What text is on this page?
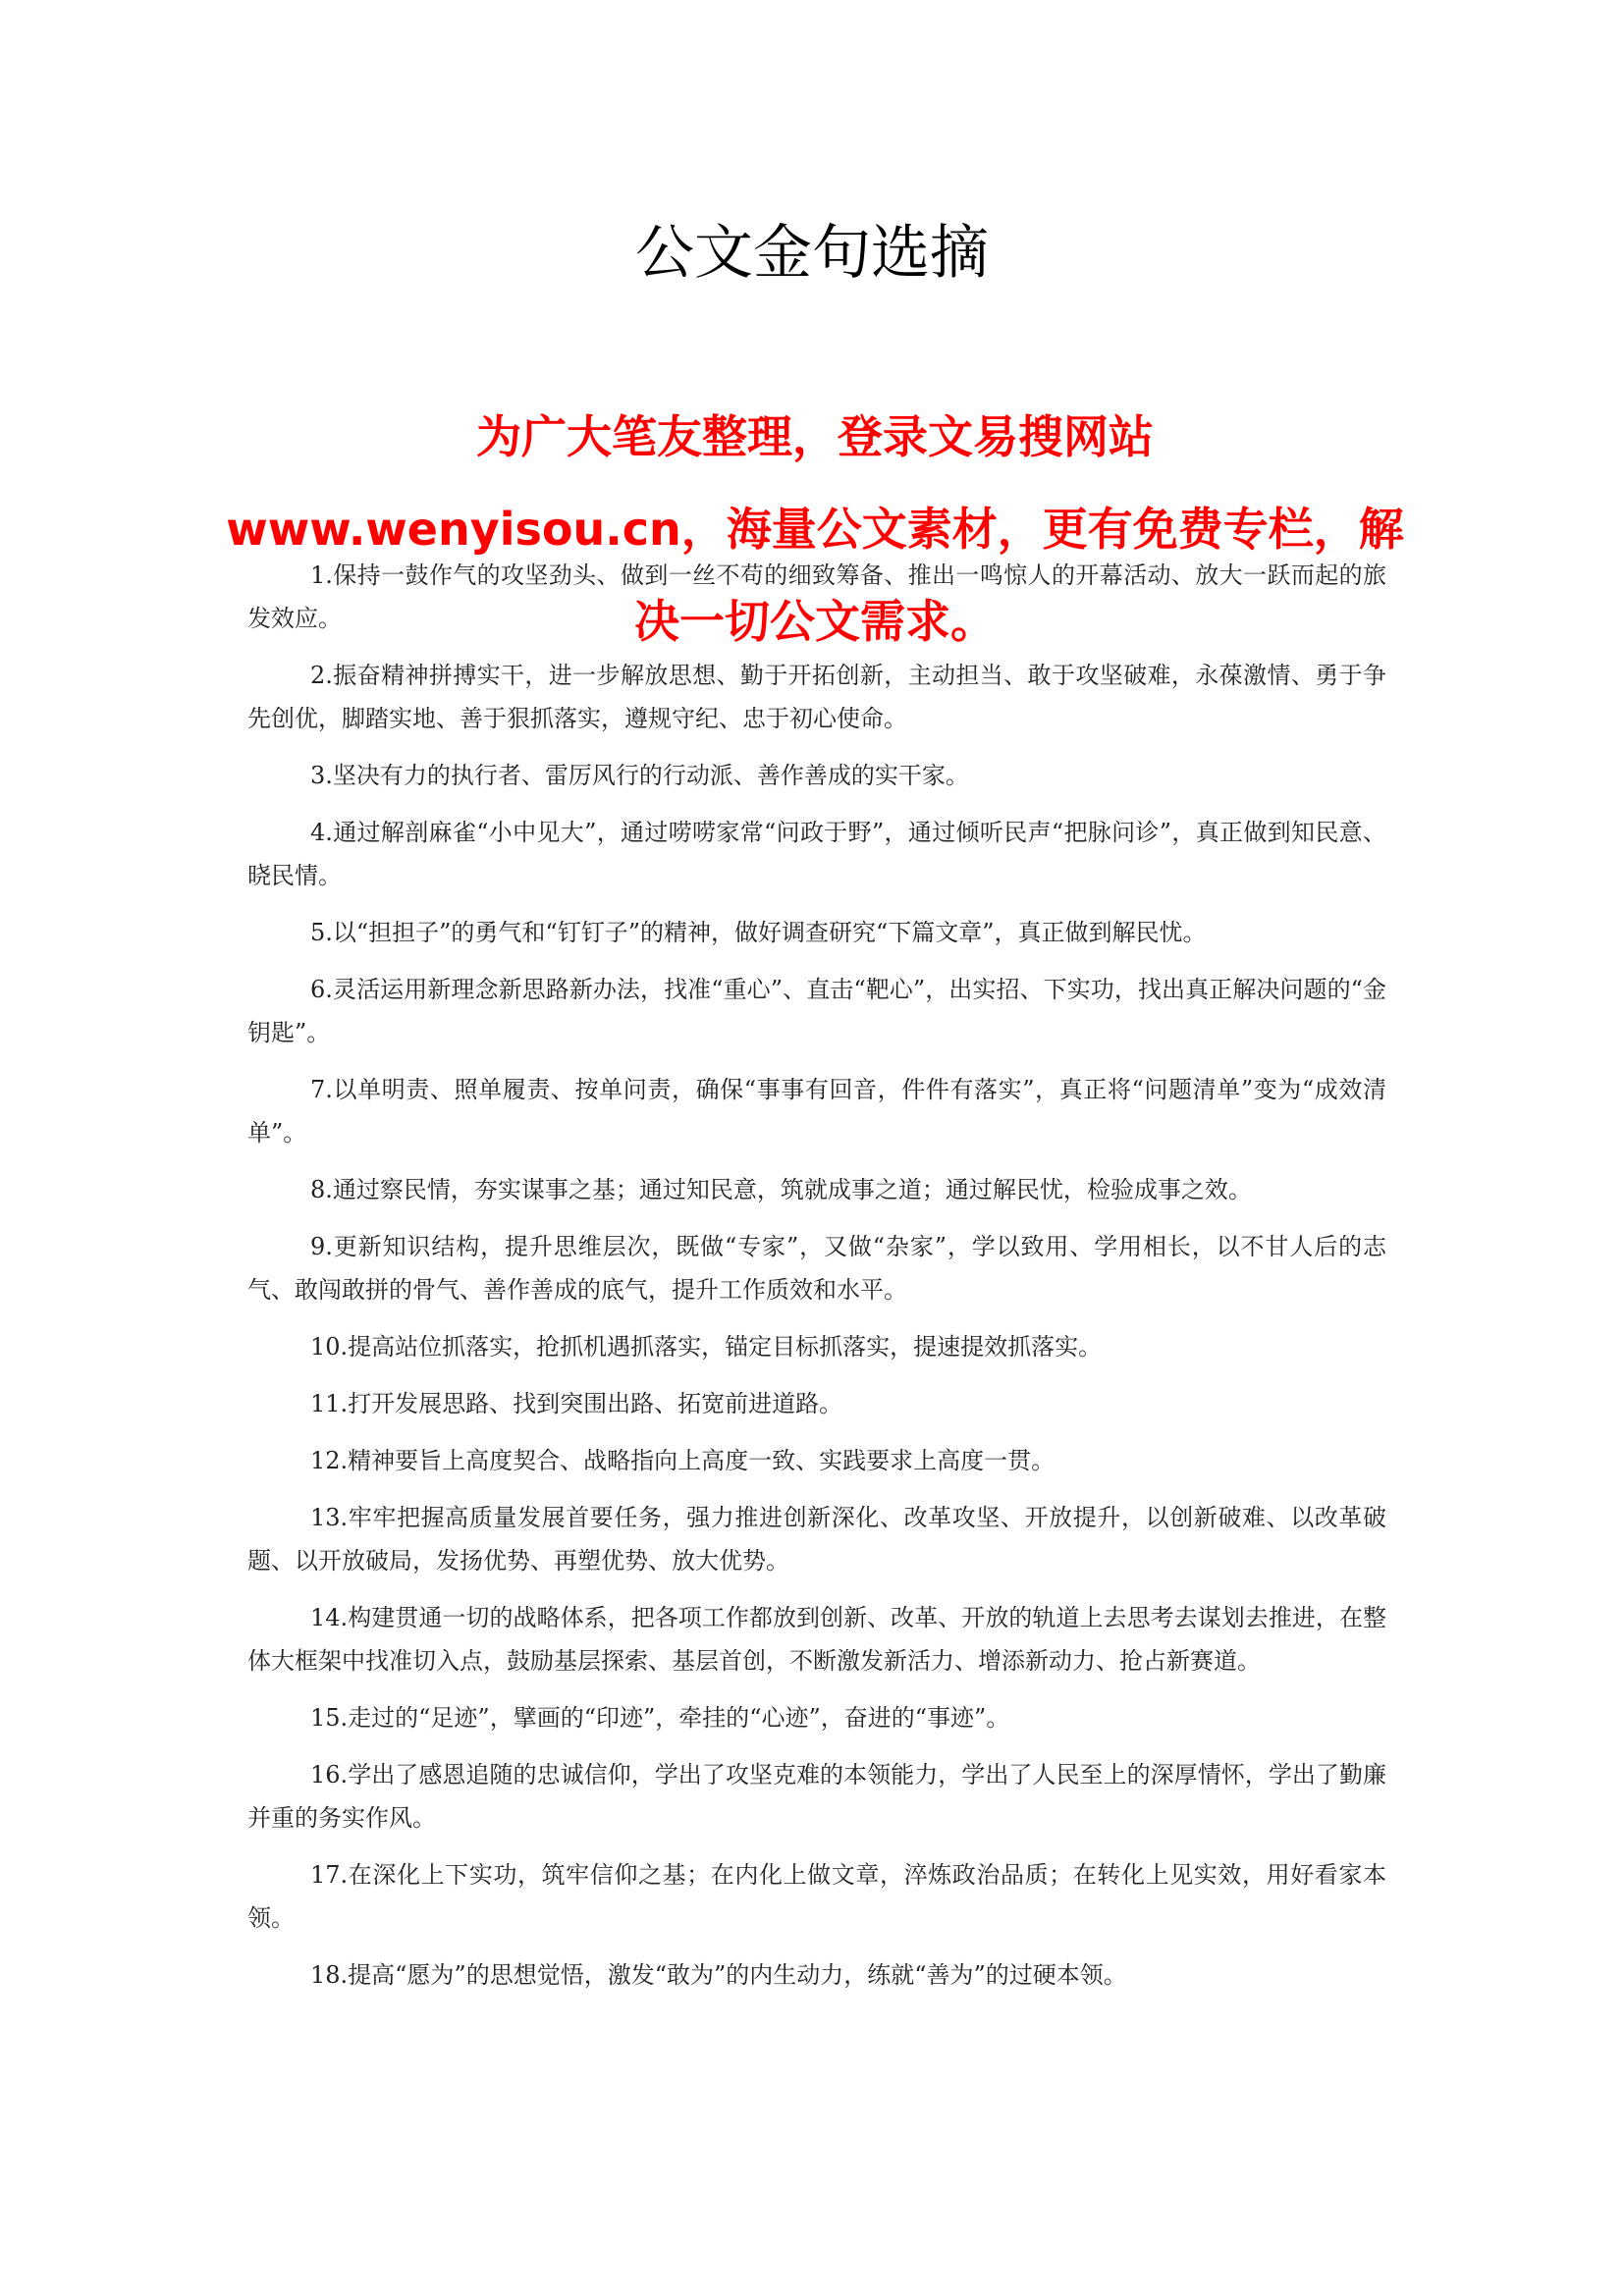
公文金句选摘

为广大笔友整理，登录文易搜网站 www.wenyisou.cn，海量公文素材，更有免费专栏，解决一切公文需求。

1.保持一鼓作气的攻坚劲头、做到一丝不苟的细致筹备、推出一鸣惊人的开幕活动、放大一跃而起的旅发效应。

2.振奋精神拼搏实干，进一步解放思想、勤于开拓创新，主动担当、敢于攻坚破难，永葆激情、勇于争先创优，脚踏实地、善于狠抓落实，遵规守纪、忠于初心使命。

3.坚决有力的执行者、雷厉风行的行动派、善作善成的实干家。

4.通过解剖麻雀“小中见大”，通过唠唠家常“问政于野”，通过倾听民声“把脉问诊”，真正做到知民意、晓民情。

5.以“担担子”的勇气和“钉钉子”的精神，做好调查研究“下篇文章”，真正做到解民忧。

6.灵活运用新理念新思路新办法，找准“重心”、直击“靶心”，出实招、下实功，找出真正解决问题的“金钥匙”。

7.以单明责、照单履责、按单问责，确保“事事有回音，件件有落实”，真正将“问题清单”变为“成效清单”。

8.通过察民情，夯实谋事之基；通过知民意，筑就成事之道；通过解民忧，检验成事之效。

9.更新知识结构，提升思维层次，既做“专家”，又做“杂家”，学以致用、学用相长，以不甘人后的志气、敢闯敢拼的骨气、善作善成的底气，提升工作质效和水平。

10.提高站位抓落实，抢抓机遇抓落实，锚定目标抓落实，提速提效抓落实。

11.打开发展思路、找到突围出路、拓宽前进道路。

12.精神要旨上高度契合、战略指向上高度一致、实践要求上高度一贯。

13.牢牢把握高质量发展首要任务，强力推进创新深化、改革攻坚、开放提升，以创新破难、以改革破题、以开放破局，发扬优势、再塑优势、放大优势。

14.构建贯通一切的战略体系，把各项工作都放到创新、改革、开放的轨道上去思考去谋划去推进，在整体大框架中找准切入点，鼓励基层探索、基层首创，不断激发新活力、增添新动力、抢占新赛道。

15.走过的“足迹”，擘画的“印迹”，牵挂的“心迹”，奋进的“事迹”。

16.学出了感恩追随的忠诚信仰，学出了攻坚克难的本领能力，学出了人民至上的深厚情怀，学出了勤廉并重的务实作风。

17.在深化上下实功，筑牢信仰之基；在内化上做文章，淬炼政治品质；在转化上见实效，用好看家本领。

18.提高“愿为”的思想觉悟，激发“敢为”的内生动力，练就“善为”的过硬本领。
